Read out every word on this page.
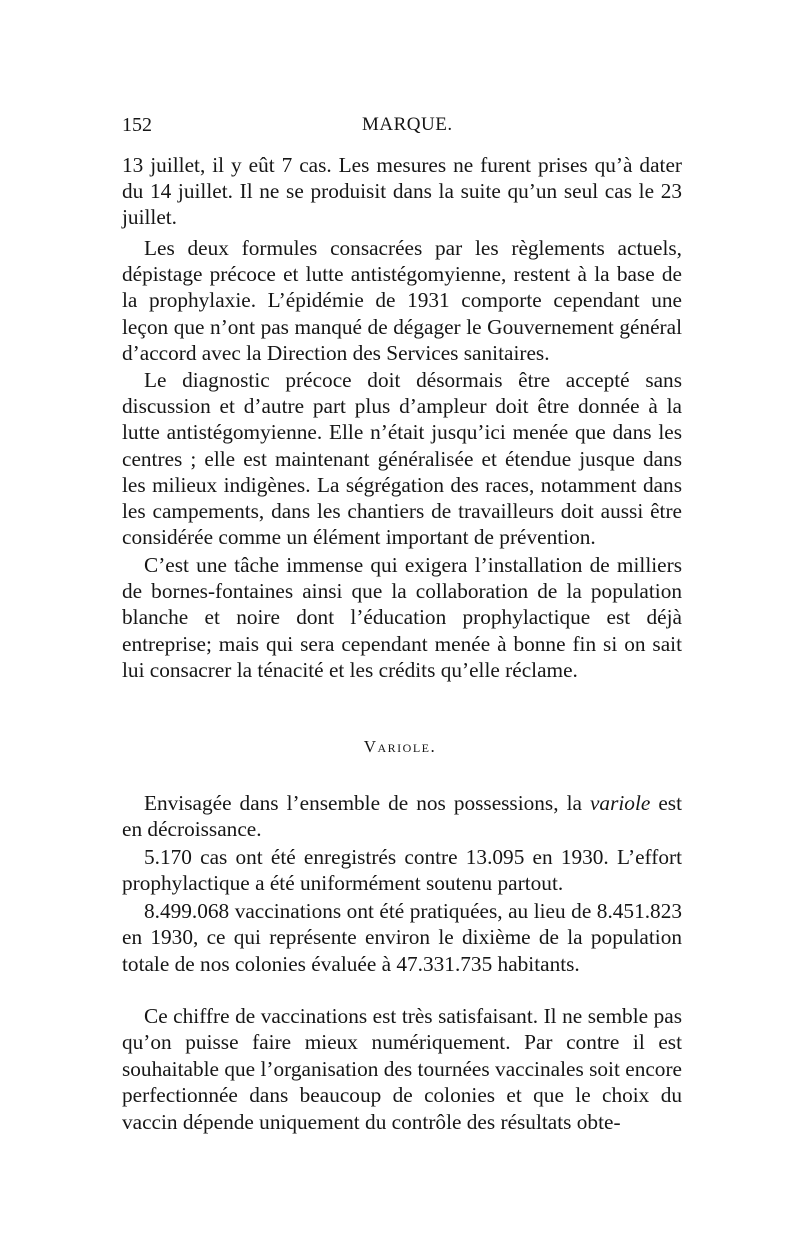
152	MARQUE.

13 juillet, il y eût 7 cas. Les mesures ne furent prises qu’à dater du 14 juillet. Il ne se produisit dans la suite qu’un seul cas le 23 juillet.

Les deux formules consacrées par les règlements actuels, dépistage précoce et lutte antistégomyienne, restent à la base de la prophylaxie. L’épidémie de 1931 comporte cependant une leçon que n’ont pas manqué de dégager le Gouvernement général d’accord avec la Direction des Services sanitaires.

Le diagnostic précoce doit désormais être accepté sans discussion et d’autre part plus d’ampleur doit être donnée à la lutte antistégomyienne. Elle n’était jusqu’ici menée que dans les centres ; elle est maintenant généralisée et étendue jusque dans les milieux indigènes. La ségrégation des races, notamment dans les campements, dans les chantiers de travailleurs doit aussi être considérée comme un élément important de prévention.

C’est une tâche immense qui exigera l’installation de milliers de bornes-fontaines ainsi que la collaboration de la population blanche et noire dont l’éducation prophylactique est déjà entreprise; mais qui sera cependant menée à bonne fin si on sait lui consacrer la ténacité et les crédits qu’elle réclame.

Variole.

Envisagée dans l’ensemble de nos possessions, la variole est en décroissance.

5.170 cas ont été enregistrés contre 13.095 en 1930. L’effort prophylactique a été uniformément soutenu partout.

8.499.068 vaccinations ont été pratiquées, au lieu de 8.451.823 en 1930, ce qui représente environ le dixième de la population totale de nos colonies évaluée à 47.331.735 habitants.

Ce chiffre de vaccinations est très satisfaisant. Il ne semble pas qu’on puisse faire mieux numériquement. Par contre il est souhaitable que l’organisation des tournées vaccinales soit encore perfectionnée dans beaucoup de colonies et que le choix du vaccin dépende uniquement du contrôle des résultats obte-
